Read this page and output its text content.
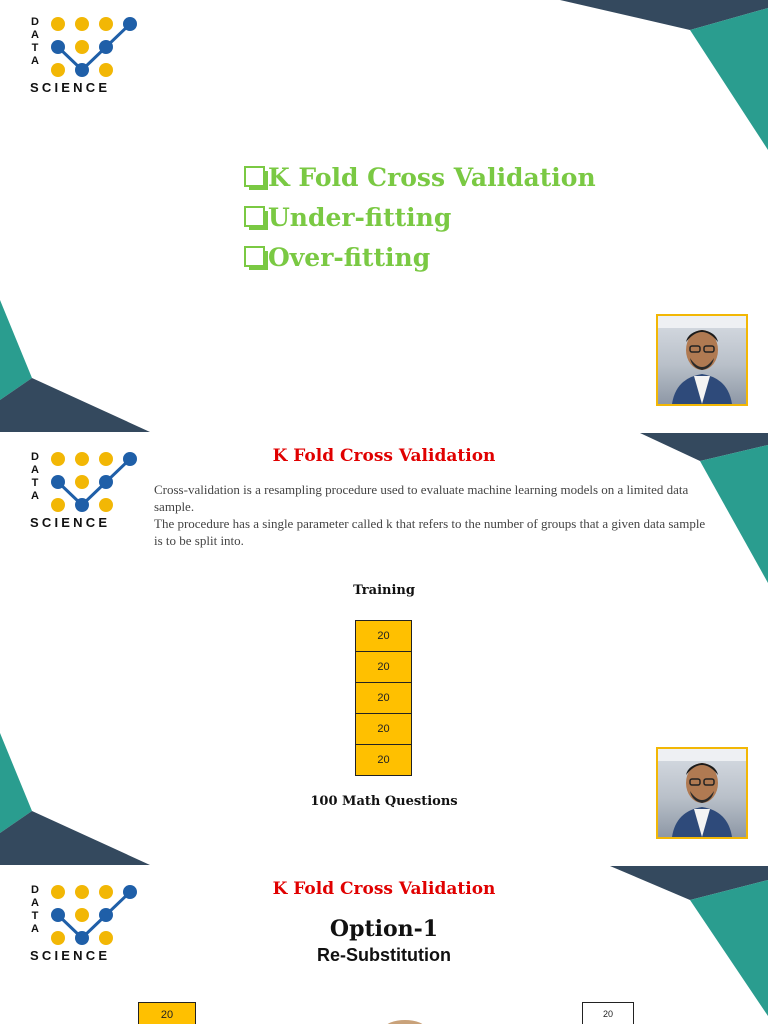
DATA
SCIENCE
K Fold Cross Validation
Under-fitting
Over-fitting
DATA
SCIENCE
K Fold Cross Validation
Cross-validation is a resampling procedure used to evaluate machine learning models on a limited data sample.
The procedure has a single parameter called k that refers to the number of groups that a given data sample is to be split into.
Training
20
20
20
20
20
100 Math Questions
DATA
SCIENCE
K Fold Cross Validation
Option-1
Re-Substitution
20	20
